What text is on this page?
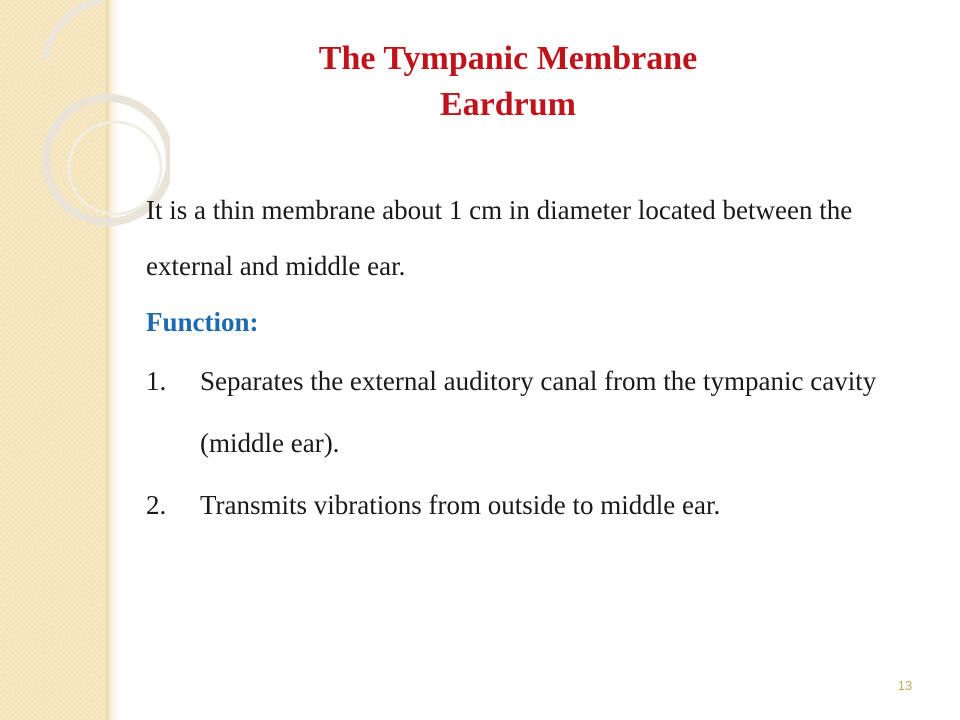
The Tympanic Membrane
Eardrum
It is a thin membrane about 1 cm in diameter located between the external and middle ear.
Function:
1. Separates the external auditory canal from the tympanic cavity (middle ear).
2. Transmits vibrations from outside to middle ear.
13
